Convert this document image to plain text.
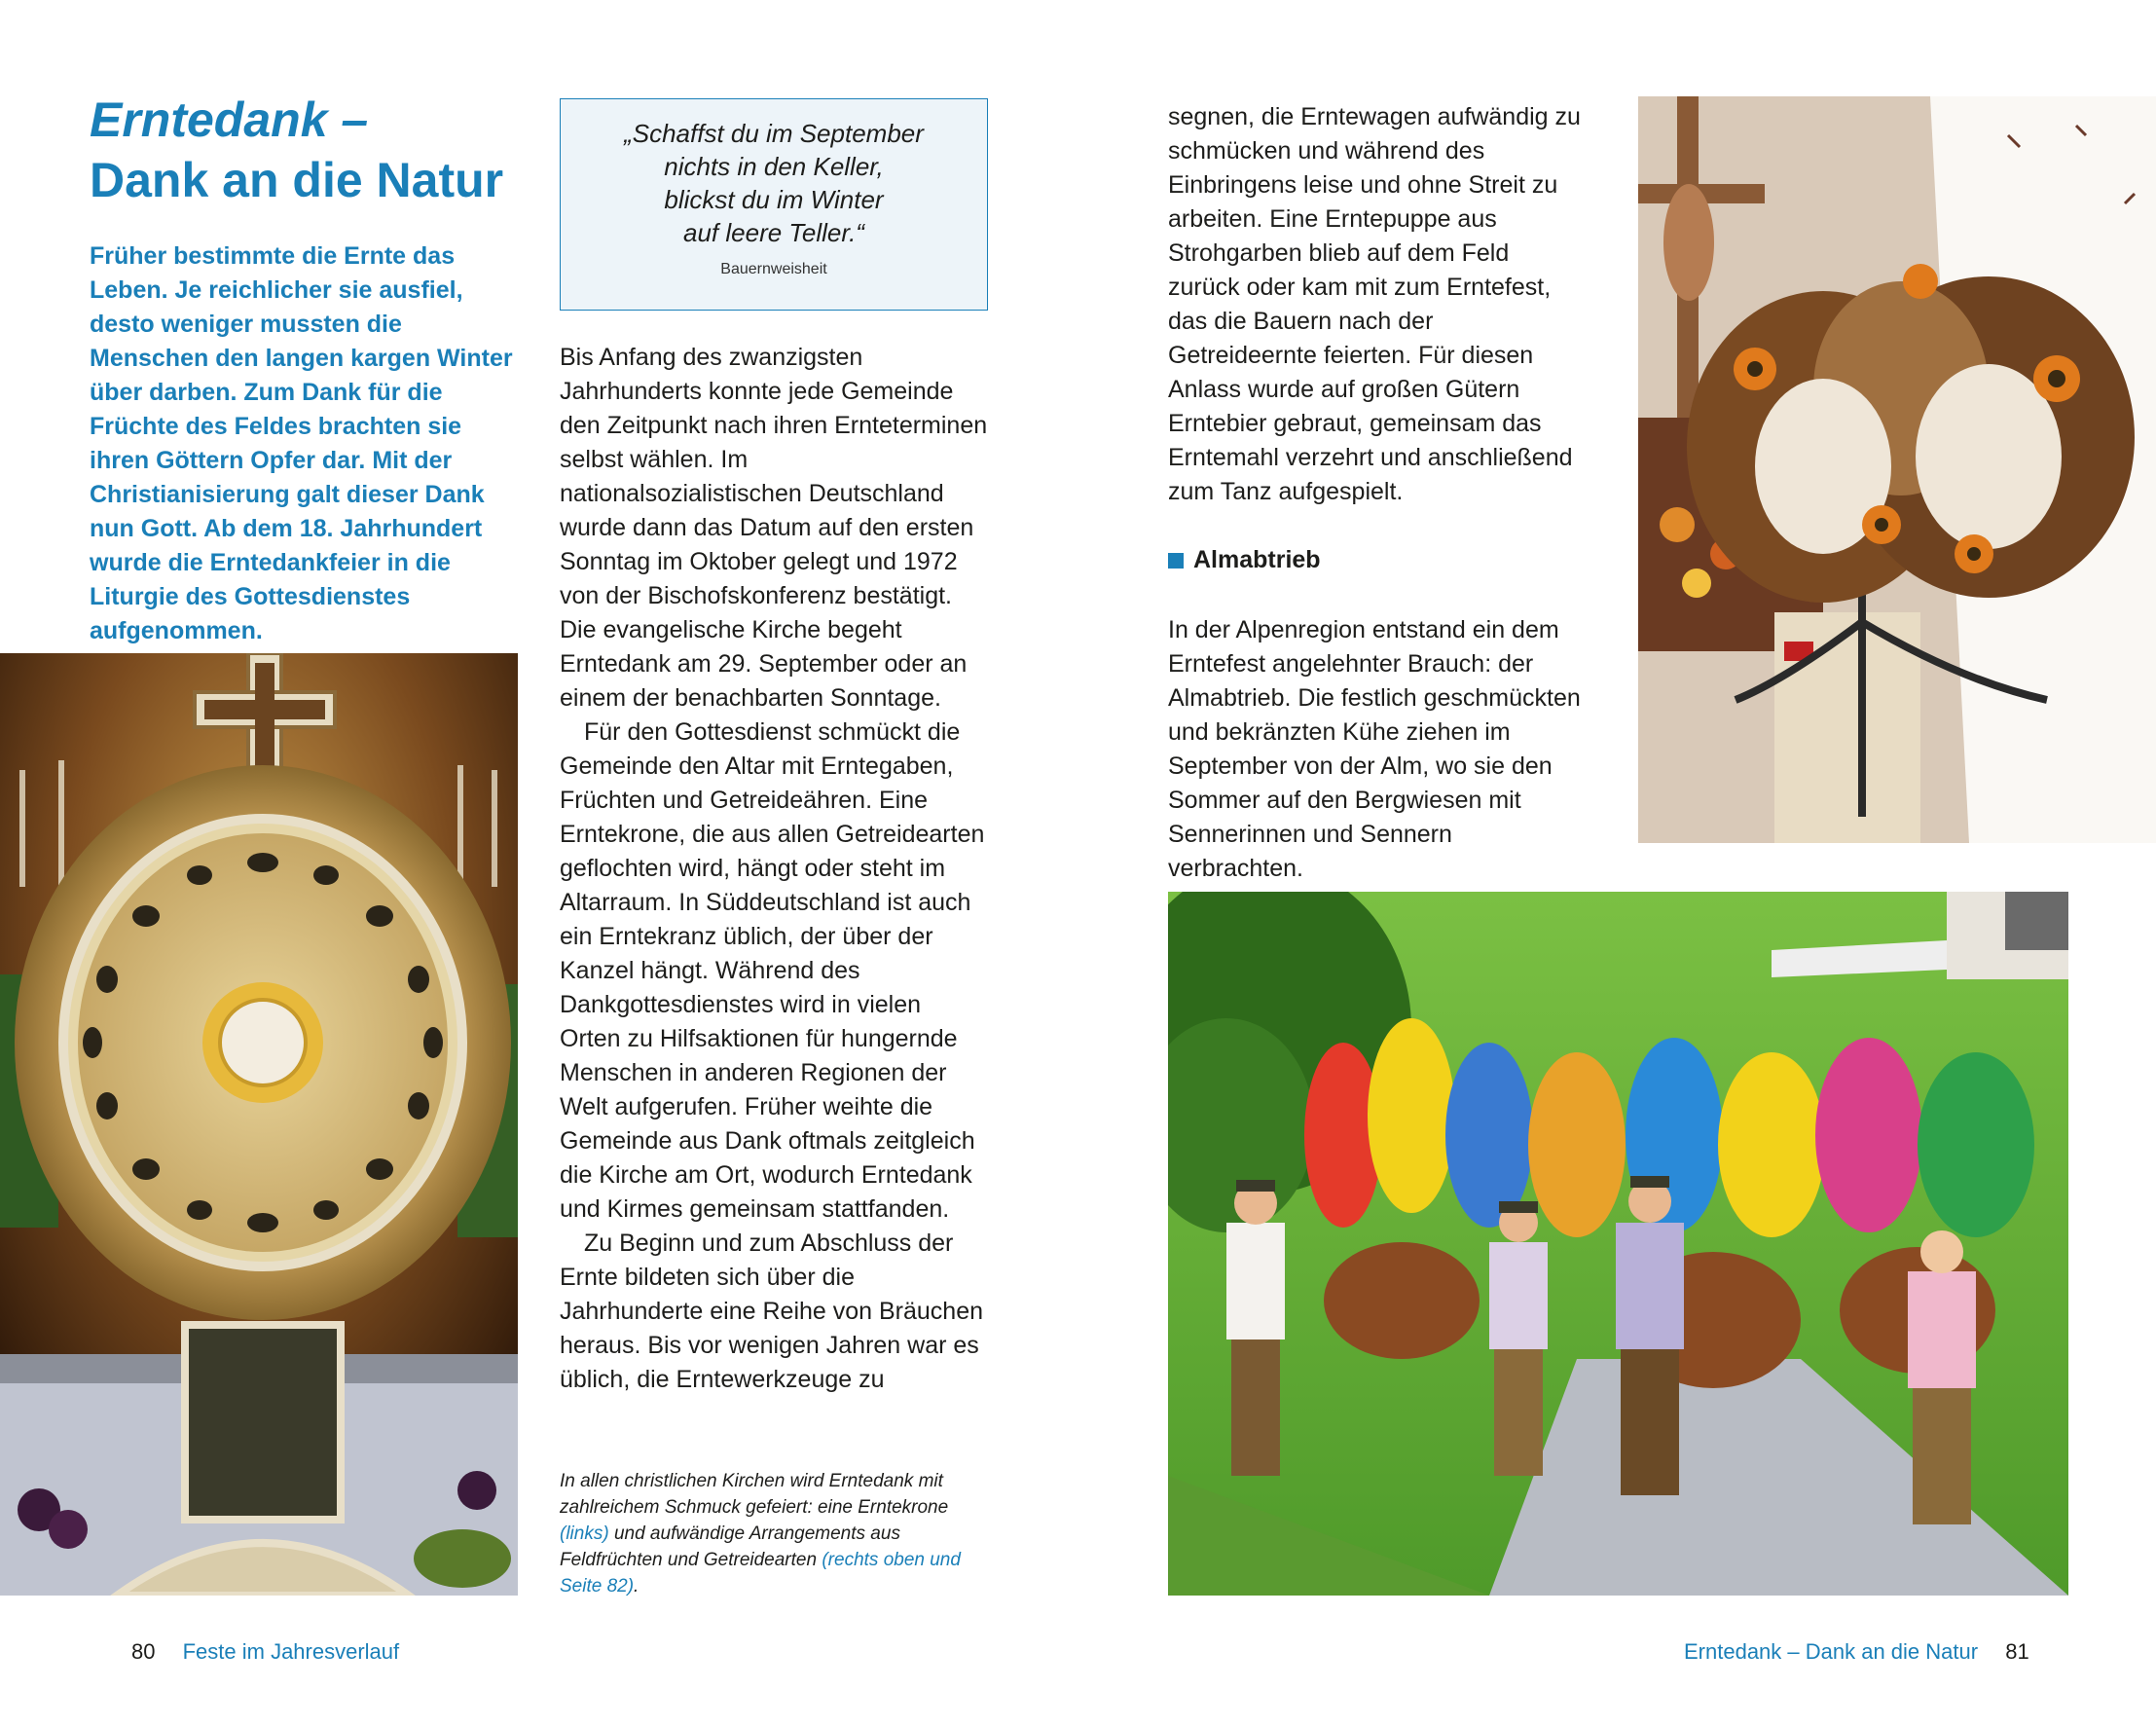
Erntedank –
Dank an die Natur

Früher bestimmte die Ernte das Leben. Je reichlicher sie ausfiel, desto weniger mussten die Menschen den langen kargen Winter über darben. Zum Dank für die Früchte des Feldes brachten sie ihren Göttern Opfer dar. Mit der Christianisierung galt dieser Dank nun Gott. Ab dem 18. Jahrhundert wurde die Erntedankfeier in die Liturgie des Gottesdienstes aufgenommen.

„Schaffst du im September
nichts in den Keller,
blickst du im Winter
auf leere Teller.“

Bauernweisheit

Bis Anfang des zwanzigsten Jahrhunderts konnte jede Gemeinde den Zeitpunkt nach ihren Ernteterminen selbst wählen. Im nationalsozialistischen Deutschland wurde dann das Datum auf den ersten Sonntag im Oktober gelegt und 1972 von der Bischofskonferenz bestätigt. Die evangelische Kirche begeht Erntedank am 29. September oder an einem der benachbarten Sonntage.

Für den Gottesdienst schmückt die Gemeinde den Altar mit Erntegaben, Früchten und Getreideähren. Eine Erntekrone, die aus allen Getreidearten geflochten wird, hängt oder steht im Altarraum. In Süddeutschland ist auch ein Erntekranz üblich, der über der Kanzel hängt. Während des Dankgottesdienstes wird in vielen Orten zu Hilfsaktionen für hungernde Menschen in anderen Regionen der Welt aufgerufen. Früher weihte die Gemeinde aus Dank oftmals zeitgleich die Kirche am Ort, wodurch Erntedank und Kirmes gemeinsam stattfanden.

Zu Beginn und zum Abschluss der Ernte bildeten sich über die Jahrhunderte eine Reihe von Bräuchen heraus. Bis vor wenigen Jahren war es üblich, die Erntewerkzeuge zu

In allen christlichen Kirchen wird Erntedank mit zahlreichem Schmuck gefeiert: eine Erntekrone (links) und aufwändige Arrangements aus Feldfrüchten und Getreidearten (rechts oben und Seite 82).
80 Feste im Jahresverlauf

segnen, die Erntewagen aufwändig zu schmücken und während des Einbringens leise und ohne Streit zu arbeiten. Eine Erntepuppe aus Strohgarben blieb auf dem Feld zurück oder kam mit zum Erntefest, das die Bauern nach der Getreideernte feierten. Für diesen Anlass wurde auf großen Gütern Erntebier gebraut, gemeinsam das Erntemahl verzehrt und anschließend zum Tanz aufgespielt.

Almabtrieb

In der Alpenregion entstand ein dem Erntefest angelehnter Brauch: der Almabtrieb. Die festlich geschmückten und bekränzten Kühe ziehen im September von der Alm, wo sie den Sommer auf den Bergwiesen mit Sennerinnen und Sennern verbrachten.

Erntedank – Dank an die Natur 81
